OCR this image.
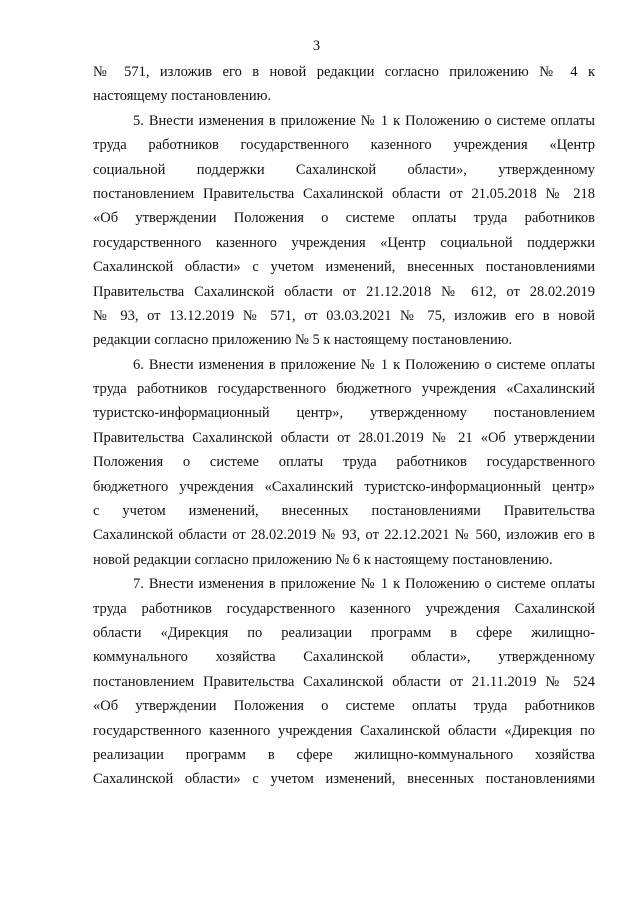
3
№ 571, изложив его в новой редакции согласно приложению № 4 к
настоящему постановлению.
5. Внести изменения в приложение № 1 к Положению о системе оплаты
труда работников государственного казенного учреждения «Центр
социальной поддержки Сахалинской области», утвержденному
постановлением Правительства Сахалинской области от 21.05.2018 № 218
«Об утверждении Положения о системе оплаты труда работников
государственного казенного учреждения «Центр социальной поддержки
Сахалинской области» с учетом изменений, внесенных постановлениями
Правительства Сахалинской области от 21.12.2018 № 612, от 28.02.2019
№ 93, от 13.12.2019 № 571, от 03.03.2021 № 75, изложив его в новой
редакции согласно приложению № 5 к настоящему постановлению.
6. Внести изменения в приложение № 1 к Положению о системе оплаты
труда работников государственного бюджетного учреждения «Сахалинский
туристско-информационный центр», утвержденному постановлением
Правительства Сахалинской области от 28.01.2019 № 21 «Об утверждении
Положения о системе оплаты труда работников государственного
бюджетного учреждения «Сахалинский туристско-информационный центр»
с учетом изменений, внесенных постановлениями Правительства
Сахалинской области от 28.02.2019 № 93, от 22.12.2021 № 560, изложив его в
новой редакции согласно приложению № 6 к настоящему постановлению.
7. Внести изменения в приложение № 1 к Положению о системе оплаты
труда работников государственного казенного учреждения Сахалинской
области «Дирекция по реализации программ в сфере жилищно-
коммунального хозяйства Сахалинской области», утвержденному
постановлением Правительства Сахалинской области от 21.11.2019 № 524
«Об утверждении Положения о системе оплаты труда работников
государственного казенного учреждения Сахалинской области «Дирекция по
реализации программ в сфере жилищно-коммунального хозяйства
Сахалинской области» с учетом изменений, внесенных постановлениями
